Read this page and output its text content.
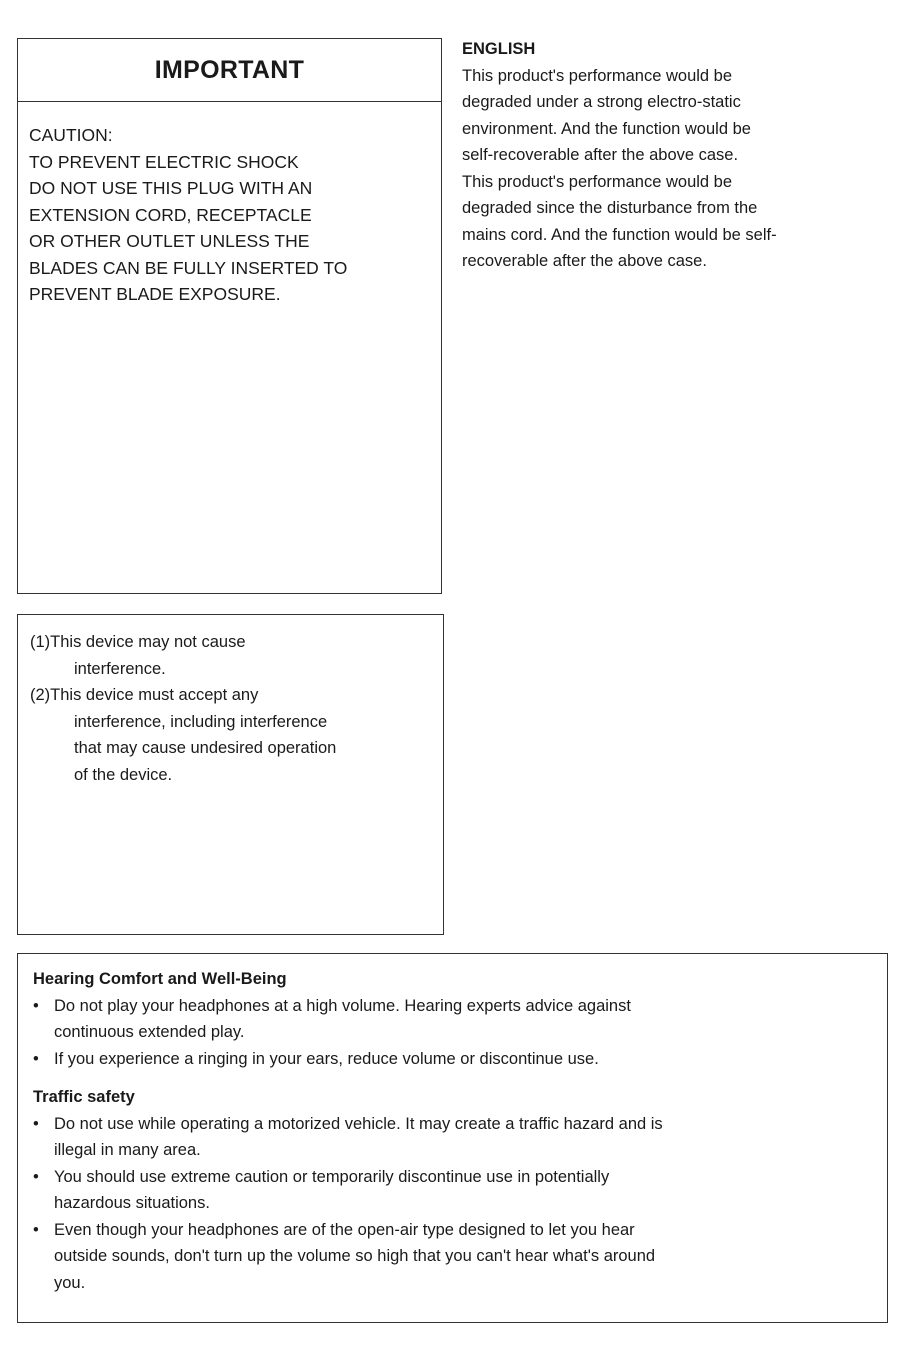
IMPORTANT
CAUTION:
TO PREVENT ELECTRIC SHOCK
DO NOT USE THIS PLUG WITH AN
EXTENSION CORD, RECEPTACLE
OR OTHER OUTLET UNLESS THE
BLADES CAN BE FULLY INSERTED TO
PREVENT BLADE EXPOSURE.
ENGLISH
This product's performance would be
degraded under a strong electro-static
environment. And the function would be
self-recoverable after the above case.
This product's performance would be
degraded since the disturbance from the
mains cord. And the function would be self-
recoverable after the above case.
(1)This device may not cause
interference.
(2)This device must accept any
interference, including interference
that may cause undesired operation
of the device.
Hearing Comfort and Well-Being
• Do not play your headphones at a high volume. Hearing experts advice against
continuous extended play.
• If you experience a ringing in your ears, reduce volume or discontinue use.
Traffic safety
• Do not use while operating a motorized vehicle. It may create a traffic hazard and is
illegal in many area.
• You should use extreme caution or temporarily discontinue use in potentially
hazardous situations.
• Even though your headphones are of the open-air type designed to let you hear
outside sounds, don't turn up the volume so high that you can't hear what's around
you.
